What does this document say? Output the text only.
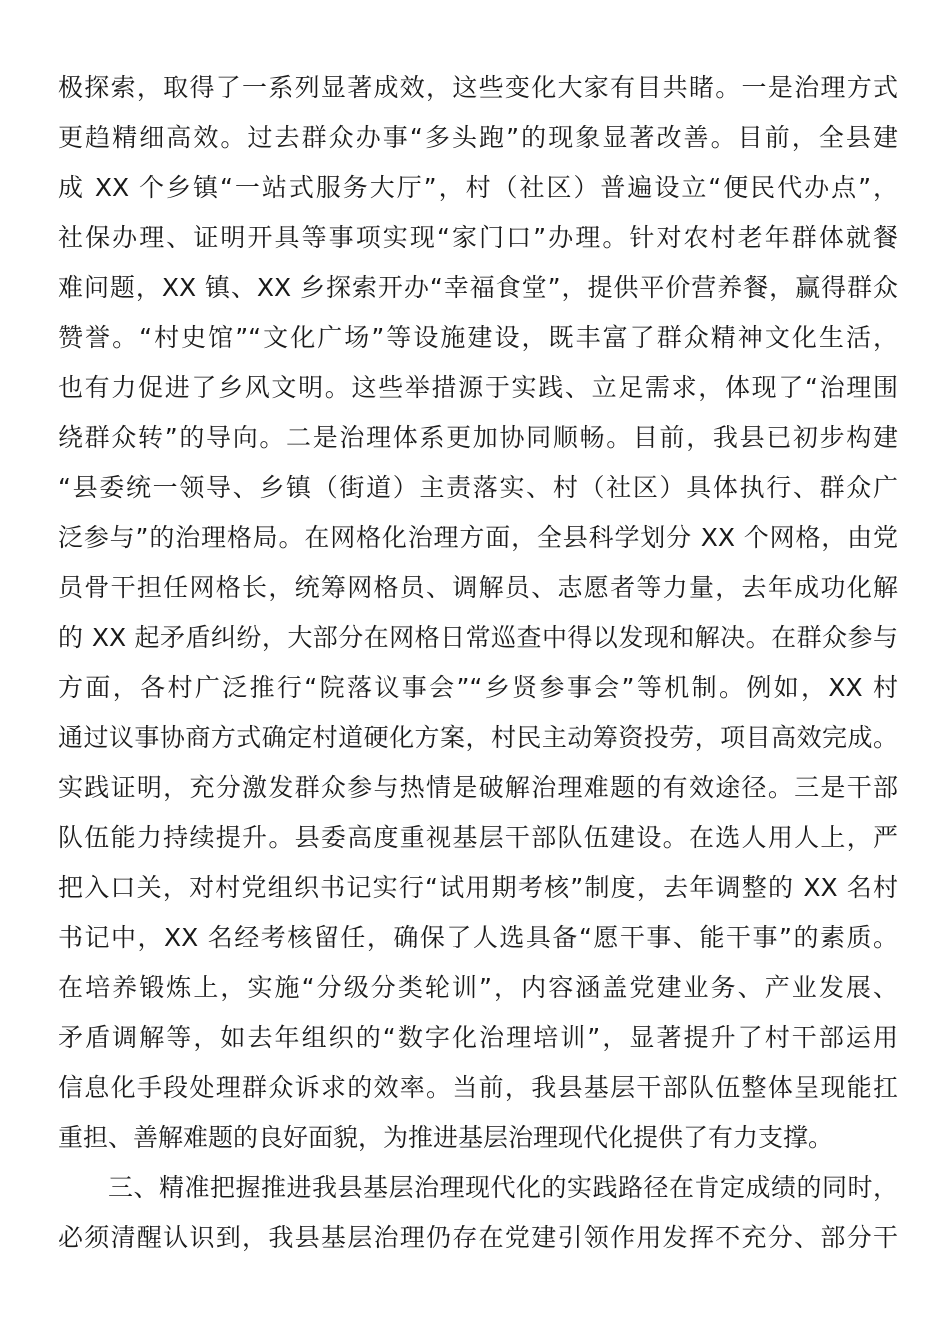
极探索，取得了一系列显著成效，这些变化大家有目共睹。一是治理方式
更趋精细高效。过去群众办事“多头跑”的现象显著改善。目前，全县建
成 XX 个乡镇“一站式服务大厅”，村（社区）普遍设立“便民代办点”，
社保办理、证明开具等事项实现“家门口”办理。针对农村老年群体就餐
难问题，XX 镇、XX 乡探索开办“幸福食堂”，提供平价营养餐，赢得群众
赞誉。“村史馆”“文化广场”等设施建设，既丰富了群众精神文化生活，
也有力促进了乡风文明。这些举措源于实践、立足需求，体现了“治理围
绕群众转”的导向。二是治理体系更加协同顺畅。目前，我县已初步构建
“县委统一领导、乡镇（街道）主责落实、村（社区）具体执行、群众广
泛参与”的治理格局。在网格化治理方面，全县科学划分 XX 个网格，由党
员骨干担任网格长，统筹网格员、调解员、志愿者等力量，去年成功化解
的 XX 起矛盾纠纷，大部分在网格日常巡查中得以发现和解决。在群众参与
方面，各村广泛推行“院落议事会”“乡贤参事会”等机制。例如，XX 村
通过议事协商方式确定村道硬化方案，村民主动筹资投劳，项目高效完成。
实践证明，充分激发群众参与热情是破解治理难题的有效途径。三是干部
队伍能力持续提升。县委高度重视基层干部队伍建设。在选人用人上，严
把入口关，对村党组织书记实行“试用期考核”制度，去年调整的 XX 名村
书记中，XX 名经考核留任，确保了人选具备“愿干事、能干事”的素质。
在培养锻炼上，实施“分级分类轮训”，内容涵盖党建业务、产业发展、
矛盾调解等，如去年组织的“数字化治理培训”，显著提升了村干部运用
信息化手段处理群众诉求的效率。当前，我县基层干部队伍整体呈现能扛
重担、善解难题的良好面貌，为推进基层治理现代化提供了有力支撑。
三、精准把握推进我县基层治理现代化的实践路径在肯定成绩的同时，
必须清醒认识到，我县基层治理仍存在党建引领作用发挥不充分、部分干
